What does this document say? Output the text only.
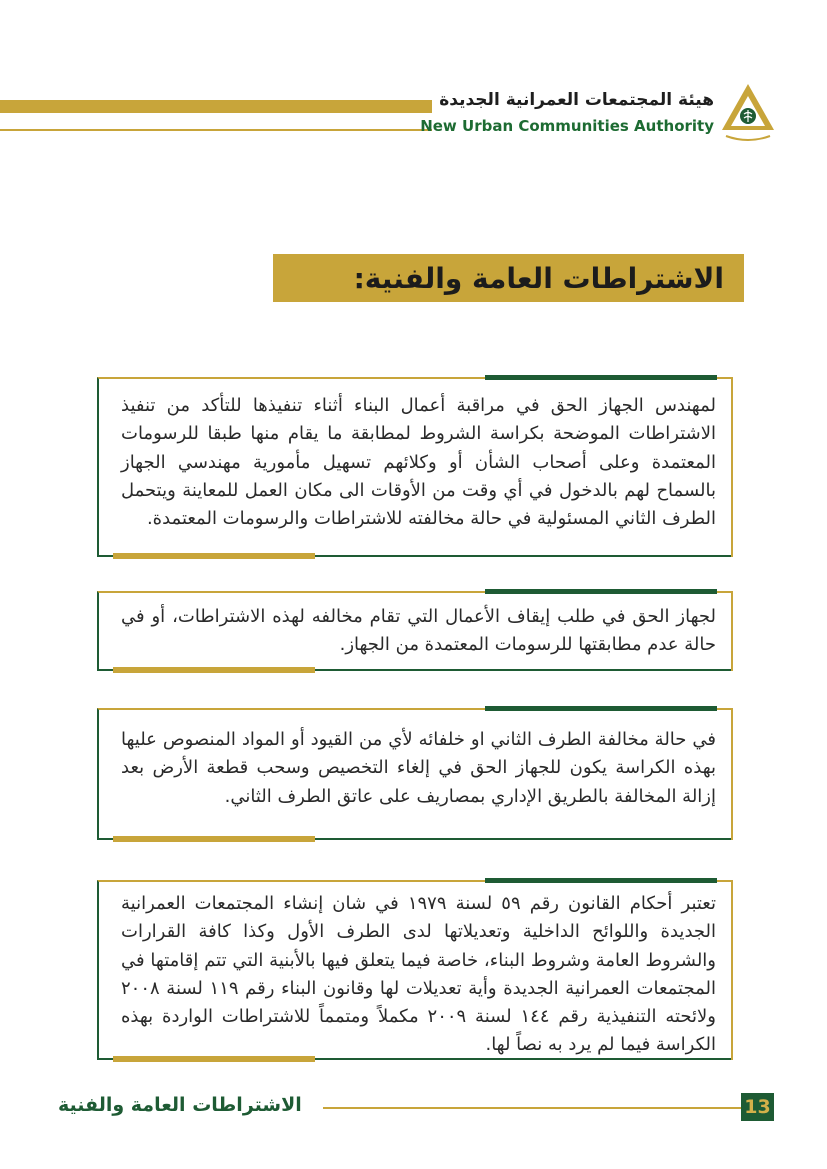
هيئة المجتمعات العمرانية الجديدة
New Urban Communities Authority
الاشتراطات العامة والفنية:

لمهندس الجهاز الحق في مراقبة أعمال البناء أثناء تنفيذها للتأكد من تنفيذ الاشتراطات الموضحة بكراسة الشروط لمطابقة ما يقام منها طبقا للرسومات المعتمدة وعلى أصحاب الشأن أو وكلائهم تسهيل مأمورية مهندسي الجهاز بالسماح لهم بالدخول في أي وقت من الأوقات الى مكان العمل للمعاينة ويتحمل الطرف الثاني المسئولية في حالة مخالفته للاشتراطات والرسومات المعتمدة.

لجهاز الحق في طلب إيقاف الأعمال التي تقام مخالفه لهذه الاشتراطات، أو في حالة عدم مطابقتها للرسومات المعتمدة من الجهاز.

في حالة مخالفة الطرف الثاني او خلفائه لأي من القيود أو المواد المنصوص عليها بهذه الكراسة يكون للجهاز الحق في إلغاء التخصيص وسحب قطعة الأرض بعد إزالة المخالفة بالطريق الإداري بمصاريف على عاتق الطرف الثاني.

تعتبر أحكام القانون رقم ٥٩ لسنة ١٩٧٩ في شان إنشاء المجتمعات العمرانية الجديدة واللوائح الداخلية وتعديلاتها لدى الطرف الأول وكذا كافة القرارات والشروط العامة وشروط البناء، خاصة فيما يتعلق فيها بالأبنية التي تتم إقامتها في المجتمعات العمرانية الجديدة وأية تعديلات لها وقانون البناء رقم ١١٩ لسنة ٢٠٠٨ ولائحته التنفيذية رقم ١٤٤ لسنة ٢٠٠٩ مكملاً ومتمماً للاشتراطات الواردة بهذه الكراسة فيما لم يرد به نصاً لها.

الاشتراطات العامة والفنية	13
